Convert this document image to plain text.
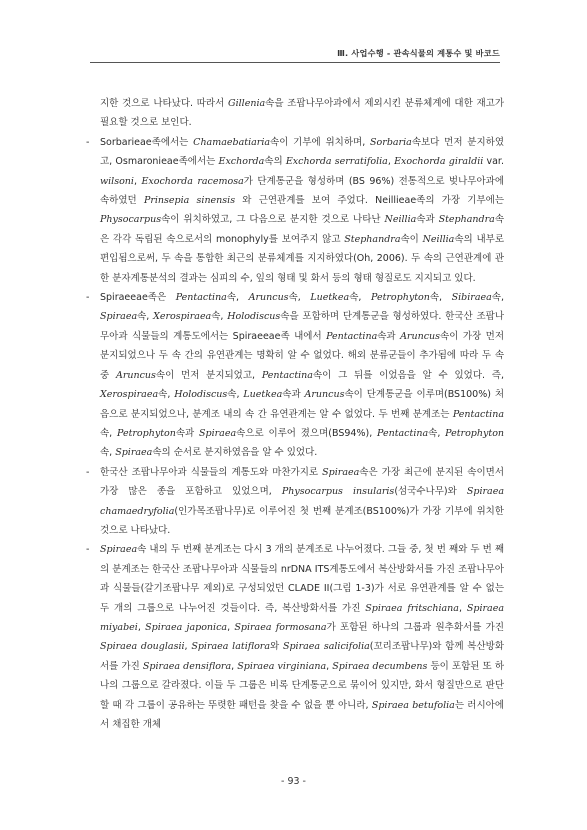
Ⅲ. 사업수행 - 관속식물의 계통수 및 바코드

지한 것으로 나타났다. 따라서 Gillenia속을 조팝나무아과에서 제외시킨 분류체계에 대한 재고가 필요할 것으로 보인다.

- Sorbarieae족에서는 Chamaebatiaria속이 기부에 위치하며, Sorbaria속보다 먼저 분지하였고, Osmaronieae족에서는 Exchorda속의 Exchorda serratifolia, Exochorda giraldii var. wilsoni, Exochorda racemosa가 단계통군을 형성하며 (BS 96%) 전통적으로 벚나무아과에 속하였던 Prinsepia sinensis 와 근연관계를 보여 주었다. Neillieae족의 가장 기부에는 Physocarpus속이 위치하였고, 그 다음으로 분지한 것으로 나타난 Neillia속과 Stephandra속은 각각 독립된 속으로서의 monophyly를 보여주지 않고 Stephandra속이 Neillia속의 내부로 편입됨으로써, 두 속을 통합한 최근의 분류체계를 지지하였다(Oh, 2006). 두 속의 근연관계에 관한 분자계통분석의 결과는 심피의 수, 잎의 형태 및 화서 등의 형태 형질로도 지지되고 있다.

- Spiraeeae족은 Pentactina속, Aruncus속, Luetkea속, Petrophyton속, Sibiraea속, Spiraea속, Xerospiraea속, Holodiscus속을 포함하며 단계통군을 형성하였다. 한국산 조팝나무아과 식물들의 계통도에서는 Spiraeeae족 내에서 Pentactina속과 Aruncus속이 가장 먼저 분지되었으나 두 속 간의 유연관계는 명확히 알 수 없었다. 해외 분류군들이 추가됨에 따라 두 속 중 Aruncus속이 먼저 분지되었고, Pentactina속이 그 뒤를 이었음을 알 수 있었다. 즉, Xerospiraea속, Holodiscus속, Luetkea속과 Aruncus속이 단계통군을 이루며(BS100%) 처음으로 분지되었으나, 분계조 내의 속 간 유연관계는 알 수 없었다. 두 번째 분계조는 Pentactina속, Petrophyton속과 Spiraea속으로 이루어 졌으며(BS94%), Pentactina속, Petrophyton속, Spiraea속의 순서로 분지하였음을 알 수 있었다.

- 한국산 조팝나무아과 식물들의 계통도와 마찬가지로 Spiraea속은 가장 최근에 분지된 속이면서 가장 많은 종을 포함하고 있었으며, Physocarpus insularis(섬국수나무)와 Spiraea chamaedryfolia(인가목조팝나무)로 이루어진 첫 번째 분계조(BS100%)가 가장 기부에 위치한 것으로 나타났다.

- Spiraea속 내의 두 번째 분계조는 다시 3 개의 분계조로 나누어졌다. 그들 중, 첫 번 째와 두 번 째의 분계조는 한국산 조팝나무아과 식물들의 nrDNA ITS계통도에서 복산방화서를 가진 조팝나무아과 식물들(갈기조팝나무 제외)로 구성되었던 CLADE II(그림 1-3)가 서로 유연관계를 알 수 없는 두 개의 그룹으로 나누어진 것들이다. 즉, 복산방화서를 가진 Spiraea fritschiana, Spiraea miyabei, Spiraea japonica, Spiraea formosana가 포함된 하나의 그룹과 원추화서를 가진 Spiraea douglasii, Spiraea latiflora와 Spiraea salicifolia(꼬리조팝나무)와 함께 복산방화서를 가진 Spiraea densiflora, Spiraea virginiana, Spiraea decumbens 등이 포함된 또 하나의 그룹으로 갈라졌다. 이들 두 그룹은 비록 단계통군으로 묶이어 있지만, 화서 형질만으로 판단할 때 각 그룹이 공유하는 뚜렷한 패턴을 찾을 수 없을 뿐 아니라, Spiraea betufolia는 러시아에서 채집한 개체

- 93 -
